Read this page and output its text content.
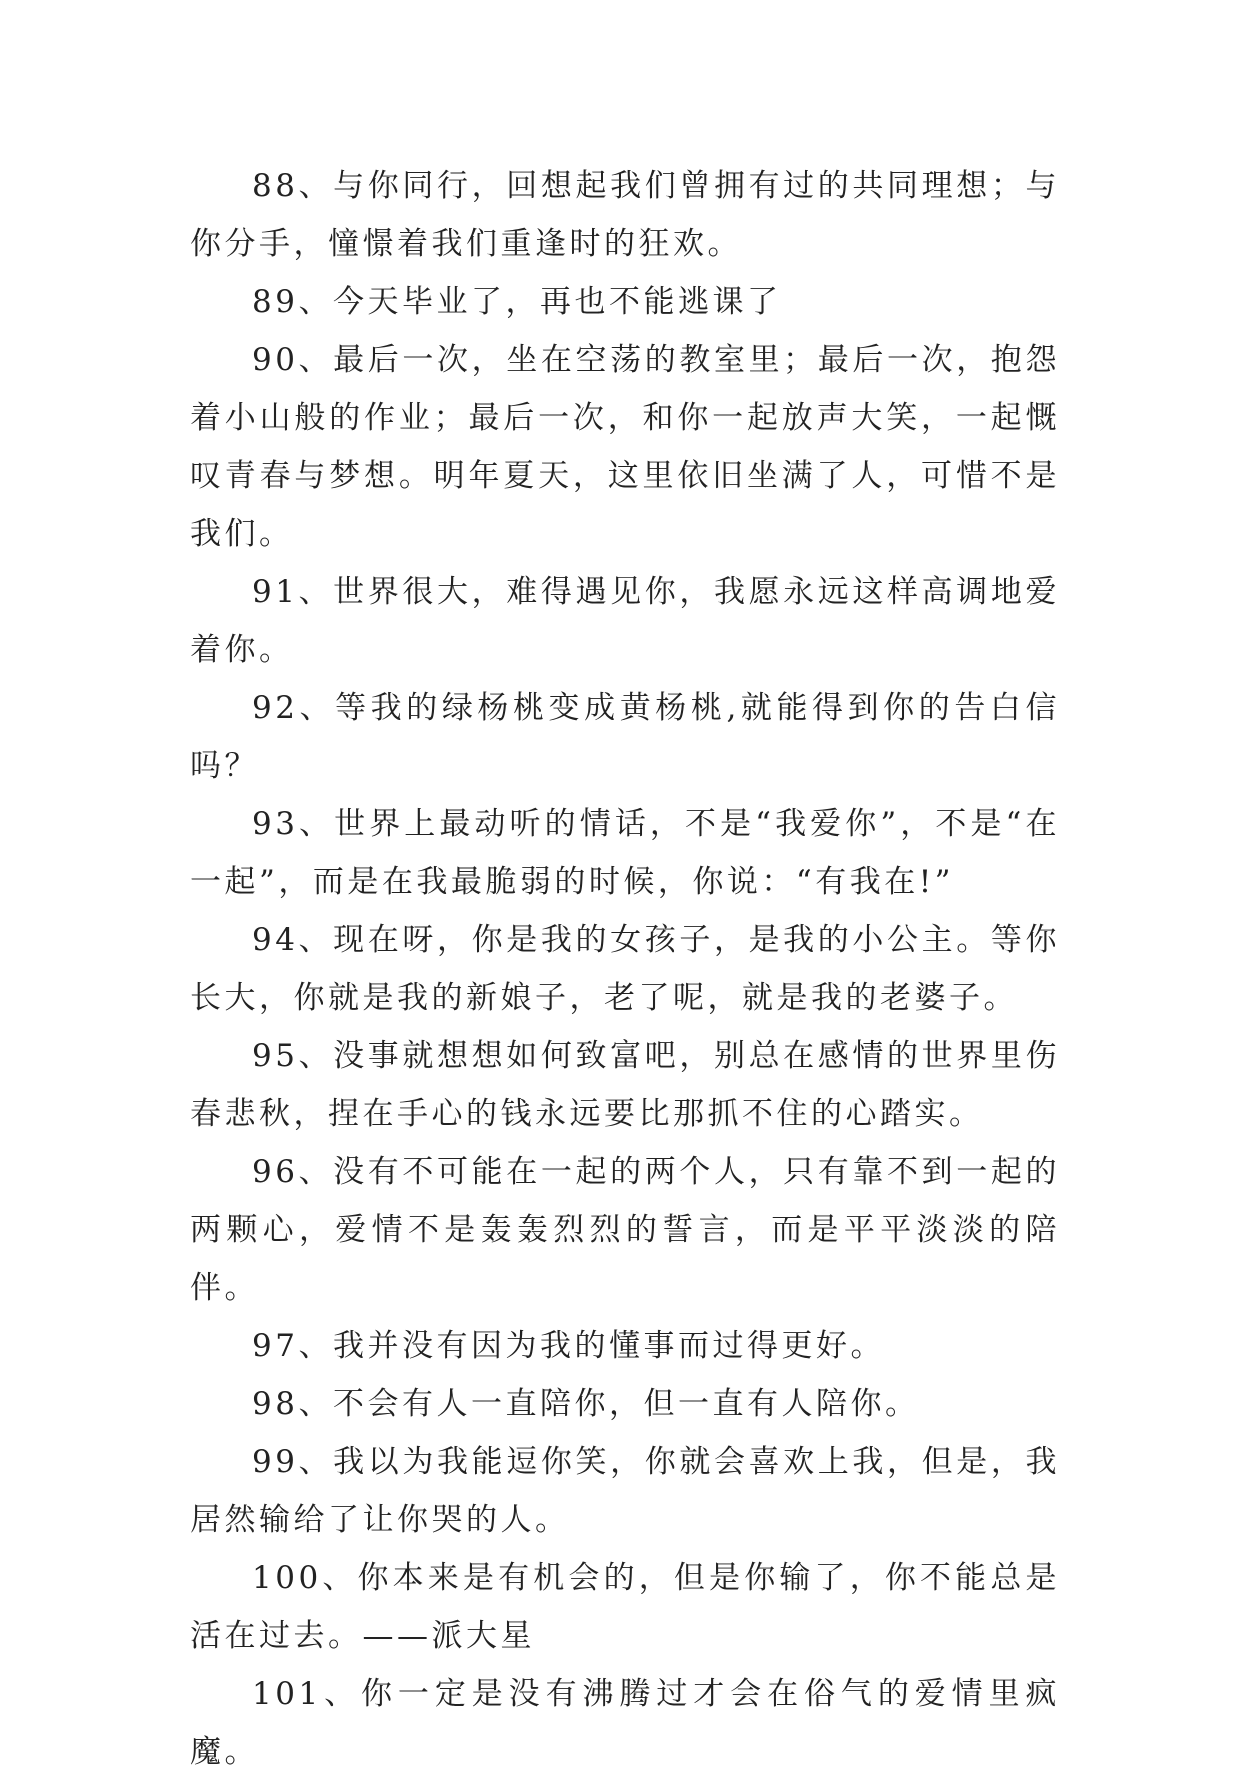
88、与你同行，回想起我们曾拥有过的共同理想；与你分手，憧憬着我们重逢时的狂欢。

89、今天毕业了，再也不能逃课了

90、最后一次，坐在空荡的教室里；最后一次，抱怨着小山般的作业；最后一次，和你一起放声大笑，一起慨叹青春与梦想。明年夏天，这里依旧坐满了人，可惜不是我们。

91、世界很大，难得遇见你，我愿永远这样高调地爱着你。

92、等我的绿杨桃变成黄杨桃,就能得到你的告白信吗？

93、世界上最动听的情话，不是“我爱你”，不是“在一起”，而是在我最脆弱的时候，你说：“有我在!”

94、现在呀，你是我的女孩子，是我的小公主。等你长大，你就是我的新娘子，老了呢，就是我的老婆子。

95、没事就想想如何致富吧，别总在感情的世界里伤春悲秋，捏在手心的钱永远要比那抓不住的心踏实。

96、没有不可能在一起的两个人，只有靠不到一起的两颗心，爱情不是轰轰烈烈的誓言，而是平平淡淡的陪伴。

97、我并没有因为我的懂事而过得更好。

98、不会有人一直陪你，但一直有人陪你。

99、我以为我能逗你笑，你就会喜欢上我，但是，我居然输给了让你哭的人。

100、你本来是有机会的，但是你输了，你不能总是活在过去。——派大星

101、你一定是没有沸腾过才会在俗气的爱情里疯魔。
